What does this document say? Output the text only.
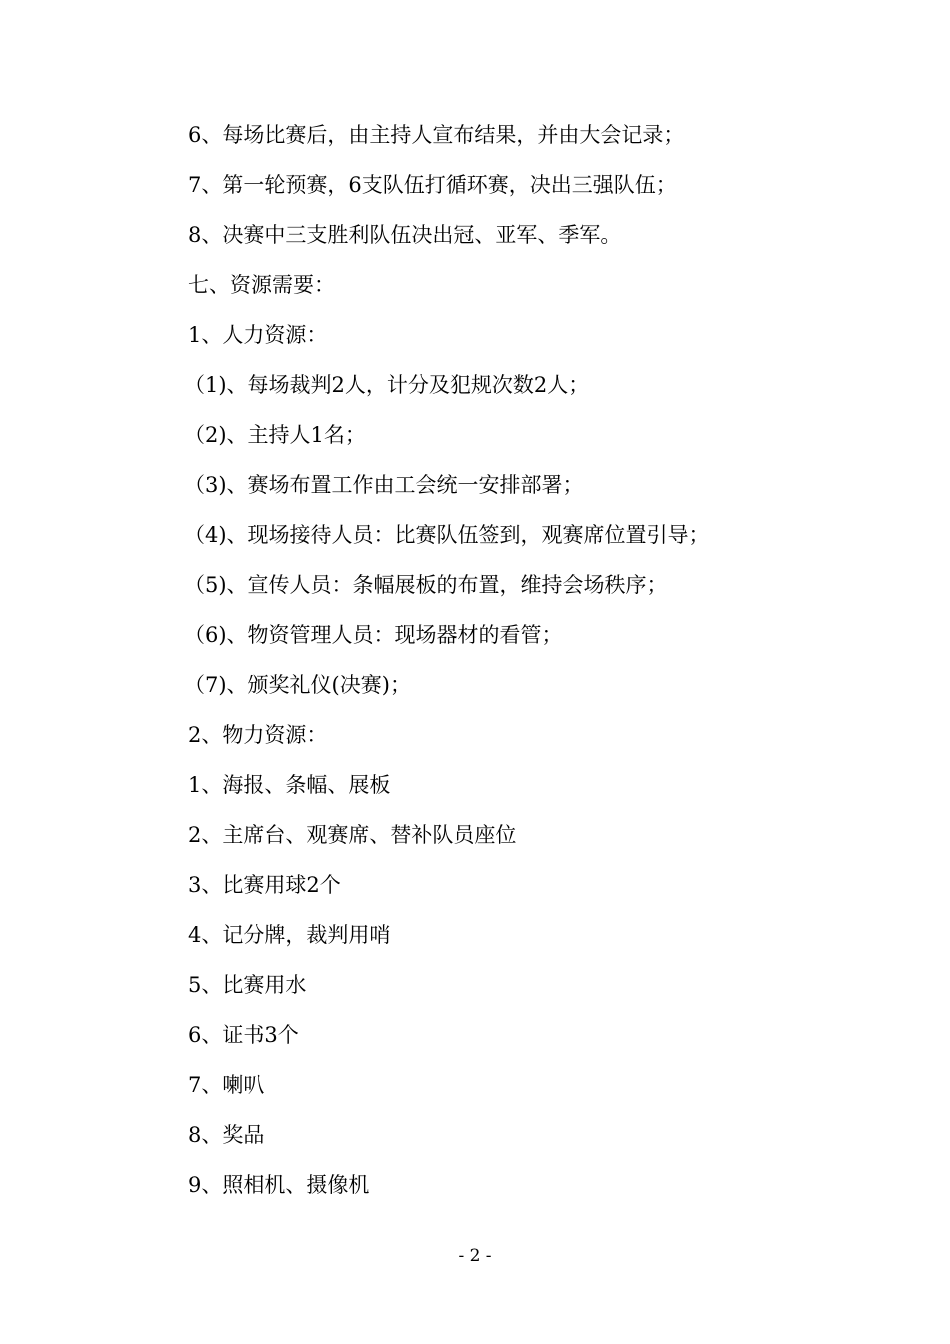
6、每场比赛后，由主持人宣布结果，并由大会记录；
7、第一轮预赛，6支队伍打循环赛，决出三强队伍；
8、决赛中三支胜利队伍决出冠、亚军、季军。
七、资源需要：
1、人力资源：
（1)、每场裁判2人，计分及犯规次数2人；
（2)、主持人1名；
（3)、赛场布置工作由工会统一安排部署；
（4)、现场接待人员：比赛队伍签到，观赛席位置引导；
（5)、宣传人员：条幅展板的布置，维持会场秩序；
（6)、物资管理人员：现场器材的看管；
（7)、颁奖礼仪(决赛)；
2、物力资源：
1、海报、条幅、展板
2、主席台、观赛席、替补队员座位
3、比赛用球2个
4、记分牌，裁判用哨
5、比赛用水
6、证书3个
7、喇叭
8、奖品
9、照相机、摄像机
- 2 -
